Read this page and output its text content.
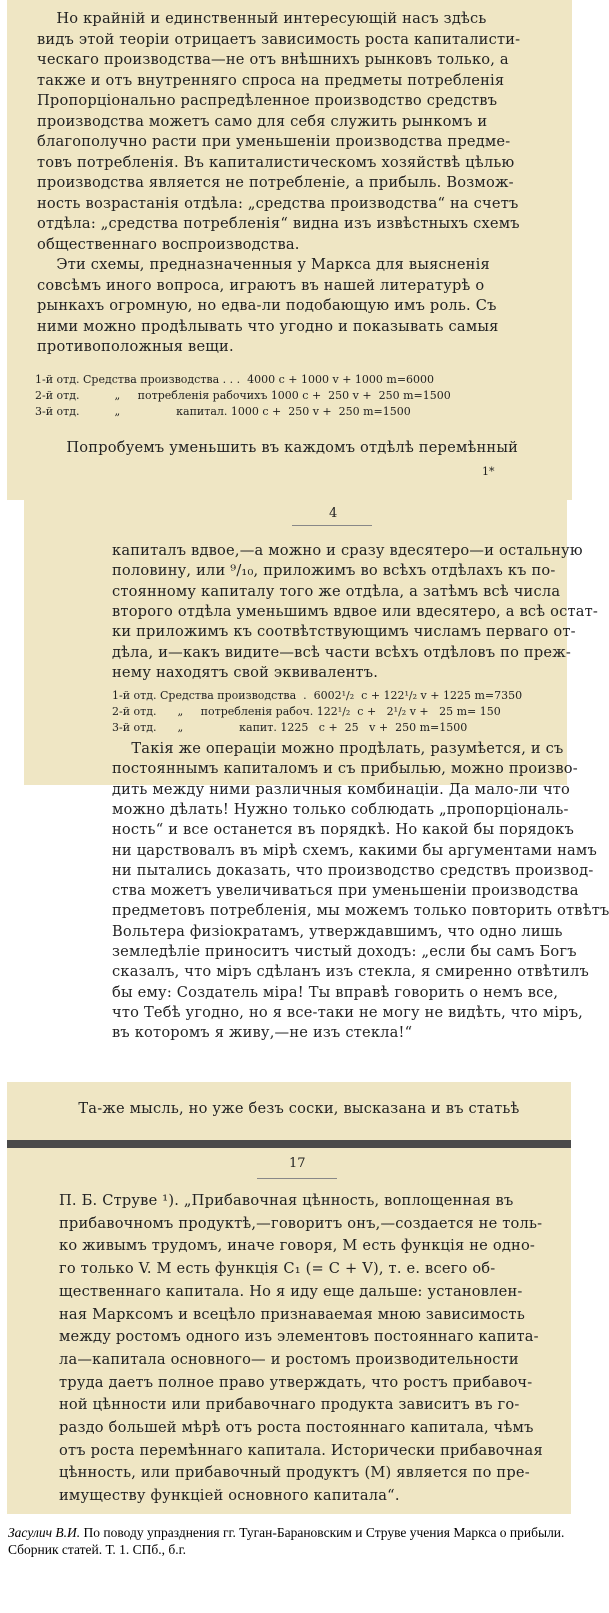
Но крайній и единственный интересующій насъ здѣсь
видъ этой теоріи отрицаетъ зависимость роста капиталисти-
ческаго производства—не отъ внѣшнихъ рынковъ только, а
также и отъ внутренняго спроса на предметы потребленія
Пропорціонально распредѣленное производство средствъ
производства можетъ само для себя служить рынкомъ и
благополучно расти при уменьшеніи производства предме-
товъ потребленія. Въ капиталистическомъ хозяйствѣ цѣлью
производства является не потребленіе, а прибыль. Возмож-
ность возрастанія отдѣла: „средства производства“ на счетъ
отдѣла: „средства потребленія“ видна изъ извѣстныхъ схемъ
общественнаго воспроизводства.
Эти схемы, предназначенныя у Маркса для выясненія
совсѣмъ иного вопроса, играютъ въ нашей литературѣ о
рынкахъ огромную, но едва-ли подобающую имъ роль. Съ
ними можно продѣлывать что угодно и показывать самыя
противоположныя вещи.
1-й отд. Средства производства . . .  4000 c + 1000 v + 1000 m=6000
2-й отд.          „     потребленія рабочихъ 1000 c +  250 v +  250 m=1500
3-й отд.          „                капитал. 1000 c +  250 v +  250 m=1500
Попробуемъ уменьшить въ каждомъ отдѣлѣ перемѣнный
1*
4
капиталъ вдвое,—а можно и сразу вдесятеро—и остальную
половину, или ⁹/₁₀, приложимъ во всѣхъ отдѣлахъ къ по-
стоянному капиталу того же отдѣла, а затѣмъ всѣ числа
второго отдѣла уменьшимъ вдвое или вдесятеро, а всѣ остат-
ки приложимъ къ соотвѣтствующимъ числамъ перваго от-
дѣла, и—какъ видите—всѣ части всѣхъ отдѣловъ по преж-
нему находятъ свой эквивалентъ.
1-й отд. Средства производства  .  6002¹/₂  c + 122¹/₂ v + 1225 m=7350
2-й отд.      „     потребленія рабоч. 122¹/₂  c +   2¹/₂ v +   25 m= 150
3-й отд.      „                капит. 1225   c +  25   v +  250 m=1500
Такія же операціи можно продѣлать, разумѣется, и съ
постояннымъ капиталомъ и съ прибылью, можно произво-
дить между ними различныя комбинаціи. Да мало-ли что
можно дѣлать! Нужно только соблюдать „пропорціональ-
ность“ и все останется въ порядкѣ. Но какой бы порядокъ
ни царствовалъ въ мірѣ схемъ, какими бы аргументами намъ
ни пытались доказать, что производство средствъ производ-
ства можетъ увеличиваться при уменьшеніи производства
предметовъ потребленія, мы можемъ только повторить отвѣтъ
Вольтера физіократамъ, утверждавшимъ, что одно лишь
земледѣліе приноситъ чистый доходъ: „если бы самъ Богъ
сказалъ, что міръ сдѣланъ изъ стекла, я смиренно отвѣтилъ
бы ему: Создатель міра! Ты вправѣ говорить о немъ все,
что Тебѣ угодно, но я все-таки не могу не видѣть, что міръ,
въ которомъ я живу,—не изъ стекла!“
Та-же мысль, но уже безъ соски, высказана и въ статьѣ
17
П. Б. Струве ¹). „Прибавочная цѣнность, воплощенная въ
прибавочномъ продуктѣ,—говоритъ онъ,—создается не толь-
ко живымъ трудомъ, иначе говоря, M есть функція не одно-
го только V. M есть функція C₁ (= C + V), т. е. всего об-
щественнаго капитала. Но я иду еще дальше: установлен-
ная Марксомъ и всецѣло признаваемая мною зависимость
между ростомъ одного изъ элементовъ постояннаго капита-
ла—капитала основного— и ростомъ производительности
труда даетъ полное право утверждать, что ростъ прибавоч-
ной цѣнности или прибавочнаго продукта зависитъ въ го-
раздо большей мѣрѣ отъ роста постояннаго капитала, чѣмъ
отъ роста перемѣннаго капитала. Исторически прибавочная
цѣнность, или прибавочный продуктъ (M) является по пре-
имуществу функціей основного капитала“.
Засулич В.И. По поводу упразднения гг. Туган-Барановским и Струве учения Маркса о прибыли. Сборник статей. Т. 1. СПб., б.г.
